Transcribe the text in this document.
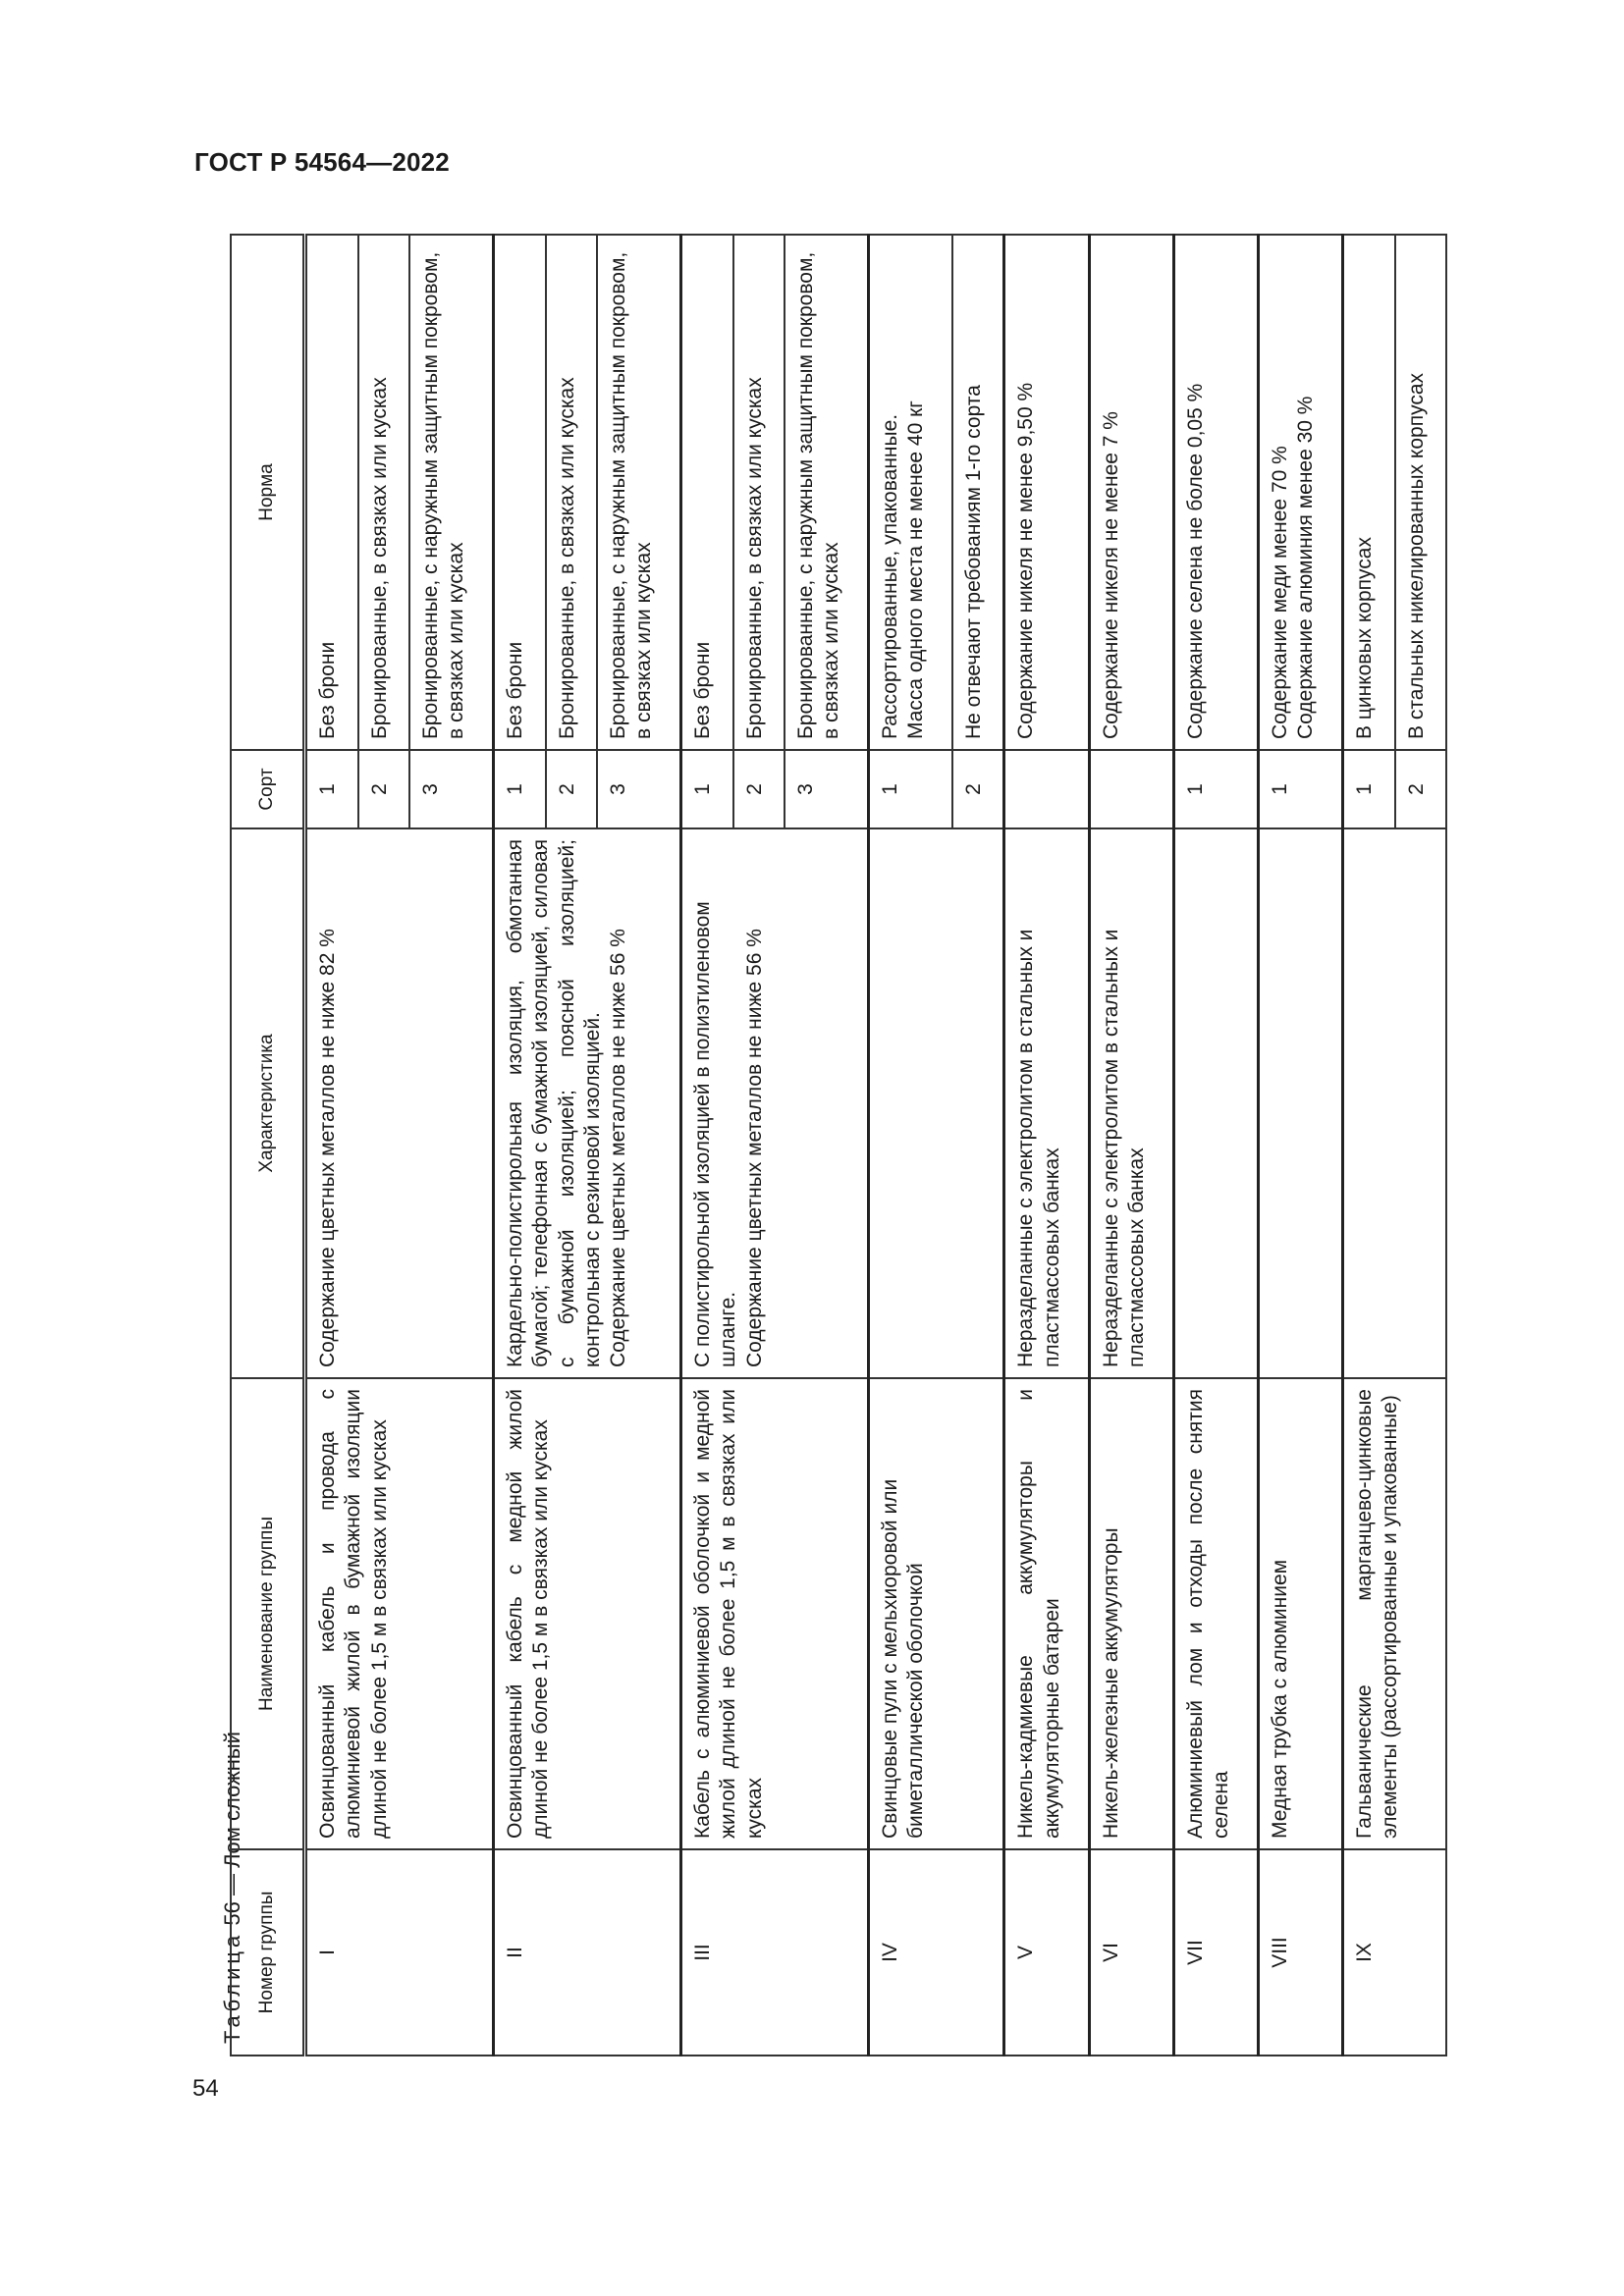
ГОСТ Р 54564—2022
Таблица 56 — Лом сложный
Номер группы	Наименование группы	Характеристика	Сорт	Норма
I	Освинцованный кабель и провода с алюминиевой жилой в бумажной изоляции длиной не более 1,5 м в связках или кусках	Содержание цветных металлов не ниже 82 %	1	Без брони
			2	Бронированные, в связках или кусках
			3	Бронированные, с наружным защитным покровом, в связках или кусках
II	Освинцованный кабель с медной жилой длиной не более 1,5 м в связках или кусках	Кардельно-полистирольная изоляция, обмотанная бумагой; телефонная с бумажной изоляцией, силовая с бумажной изоляцией; поясной изоляцией; контрольная с резиновой изоляцией. Содержание цветных металлов не ниже 56 %	1	Без брони
			2	Бронированные, в связках или кусках
			3	Бронированные, с наружным защитным покровом, в связках или кусках
III	Кабель с алюминиевой оболочкой и медной жилой длиной не более 1,5 м в связках или кусках	С полистирольной изоляцией в полиэтиленовом шланге. Содержание цветных металлов не ниже 56 %	1	Без брони
			2	Бронированные, в связках или кусках
			3	Бронированные, с наружным защитным покровом, в связках или кусках
IV	Свинцовые пули с мельхиоровой или биметаллической оболочкой		1	Рассортированные, упакованные. Масса одного места не менее 40 кг

			2	Не отвечают требованиям 1-го сорта
V	Никель-кадмиевые аккумуляторы и аккумуляторные батареи	Неразделанные с электролитом в стальных и пластмассовых банках		Содержание никеля не менее 9,50 %
VI	Никель-железные аккумуляторы	Неразделанные с электролитом в стальных и пластмассовых банках		Содержание никеля не менее 7 %
VII	Алюминиевый лом и отходы после снятия селена		1	Содержание селена не более 0,05 %
VIII	Медная трубка с алюминием		1	Содержание меди менее 70 % Содержание алюминия менее 30 %

IX	Гальванические марганцево-цинковые элементы (рассортированные и упакованные)		1	В цинковых корпусах
			2	В стальных никелированных корпусах
54
